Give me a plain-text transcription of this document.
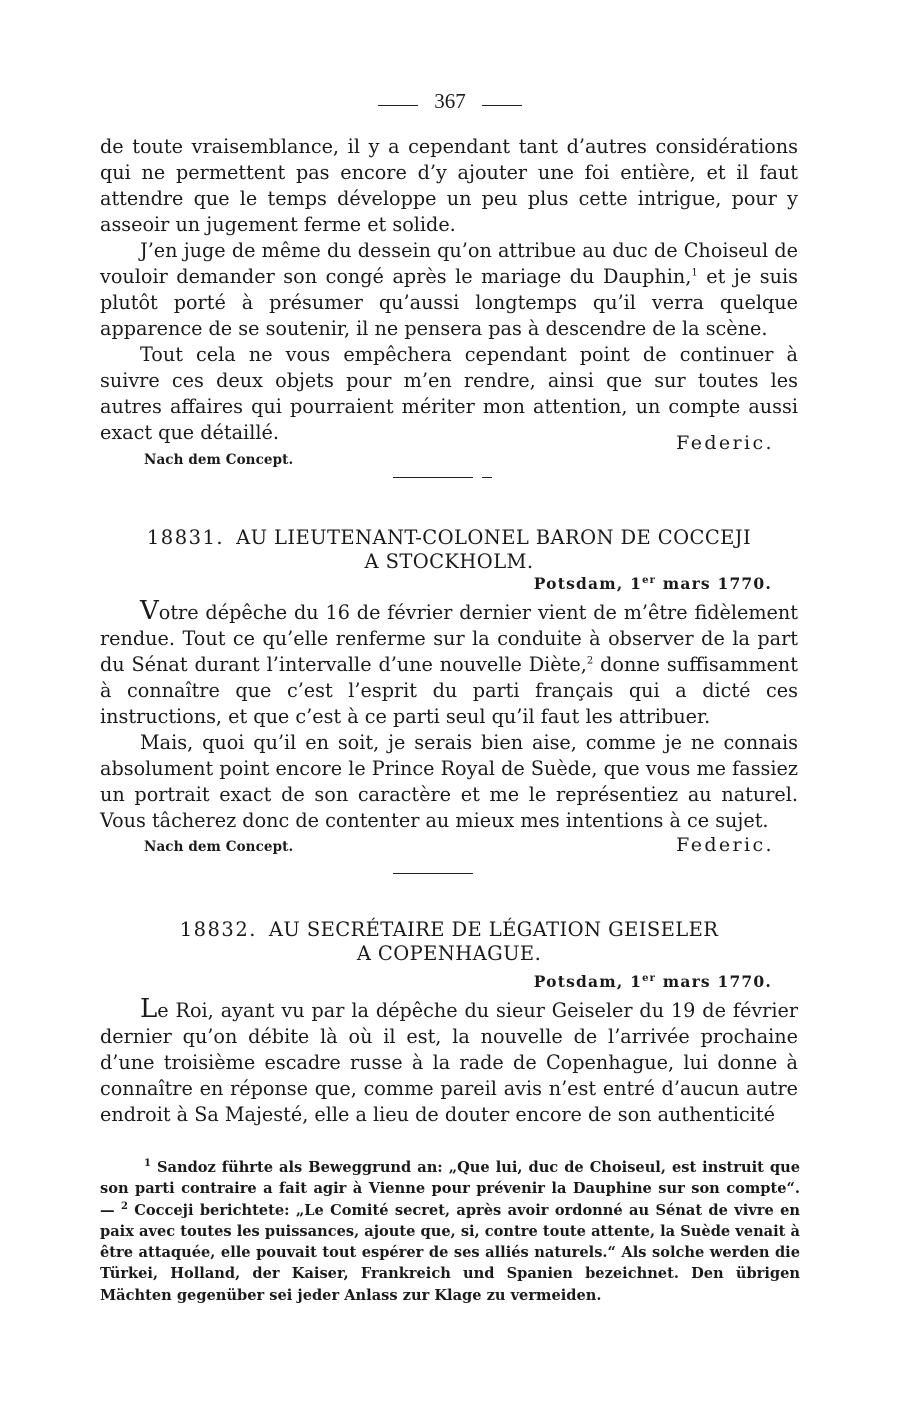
367

de toute vraisemblance, il y a cependant tant d’autres considérations qui ne permettent pas encore d’y ajouter une foi entière, et il faut attendre que le temps développe un peu plus cette intrigue, pour y asseoir un jugement ferme et solide.

J’en juge de même du dessein qu’on attribue au duc de Choiseul de vouloir demander son congé après le mariage du Dauphin,$^1$ et je suis plutôt porté à présumer qu’aussi longtemps qu’il verra quelque apparence de se soutenir, il ne pensera pas à descendre de la scène.

Tout cela ne vous empêchera cependant point de continuer à suivre ces deux objets pour m’en rendre, ainsi que sur toutes les autres affaires qui pourraient mériter mon attention, un compte aussi exact que détaillé.	Federic.
Nach dem Concept.
18831. AU LIEUTENANT-COLONEL BARON DE COCCEJI
A STOCKHOLM.
Potsdam, 1er mars 1770.

Votre dépêche du 16 de février dernier vient de m’être fidèlement rendue. Tout ce qu’elle renferme sur la conduite à observer de la part du Sénat durant l’intervalle d’une nouvelle Diète,$^2$ donne suffisamment à connaître que c’est l’esprit du parti français qui a dicté ces instructions, et que c’est à ce parti seul qu’il faut les attribuer.

Mais, quoi qu’il en soit, je serais bien aise, comme je ne connais absolument point encore le Prince Royal de Suède, que vous me fassiez un portrait exact de son caractère et me le représentiez au naturel. Vous tâcherez donc de contenter au mieux mes intentions à ce sujet.

Nach dem Concept.	Federic.
18832. AU SECRÉTAIRE DE LÉGATION GEISELER
A COPENHAGUE.
Potsdam, 1er mars 1770.

Le Roi, ayant vu par la dépêche du sieur Geiseler du 19 de février dernier qu’on débite là où il est, la nouvelle de l’arrivée prochaine d’une troisième escadre russe à la rade de Copenhague, lui donne à connaître en réponse que, comme pareil avis n’est entré d’aucun autre endroit à Sa Majesté, elle a lieu de douter encore de son authenticité

$^1$ Sandoz führte als Beweggrund an: „Que lui, duc de Choiseul, est instruit que son parti contraire a fait agir à Vienne pour prévenir la Dauphine sur son compte“. — $^2$ Cocceji berichtete: „Le Comité secret, après avoir ordonné au Sénat de vivre en paix avec toutes les puissances, ajoute que, si, contre toute attente, la Suède venait à être attaquée, elle pouvait tout espérer de ses alliés naturels.“ Als solche werden die Türkei, Holland, der Kaiser, Frankreich und Spanien bezeichnet. Den übrigen Mächten gegenüber sei jeder Anlass zur Klage zu vermeiden.
